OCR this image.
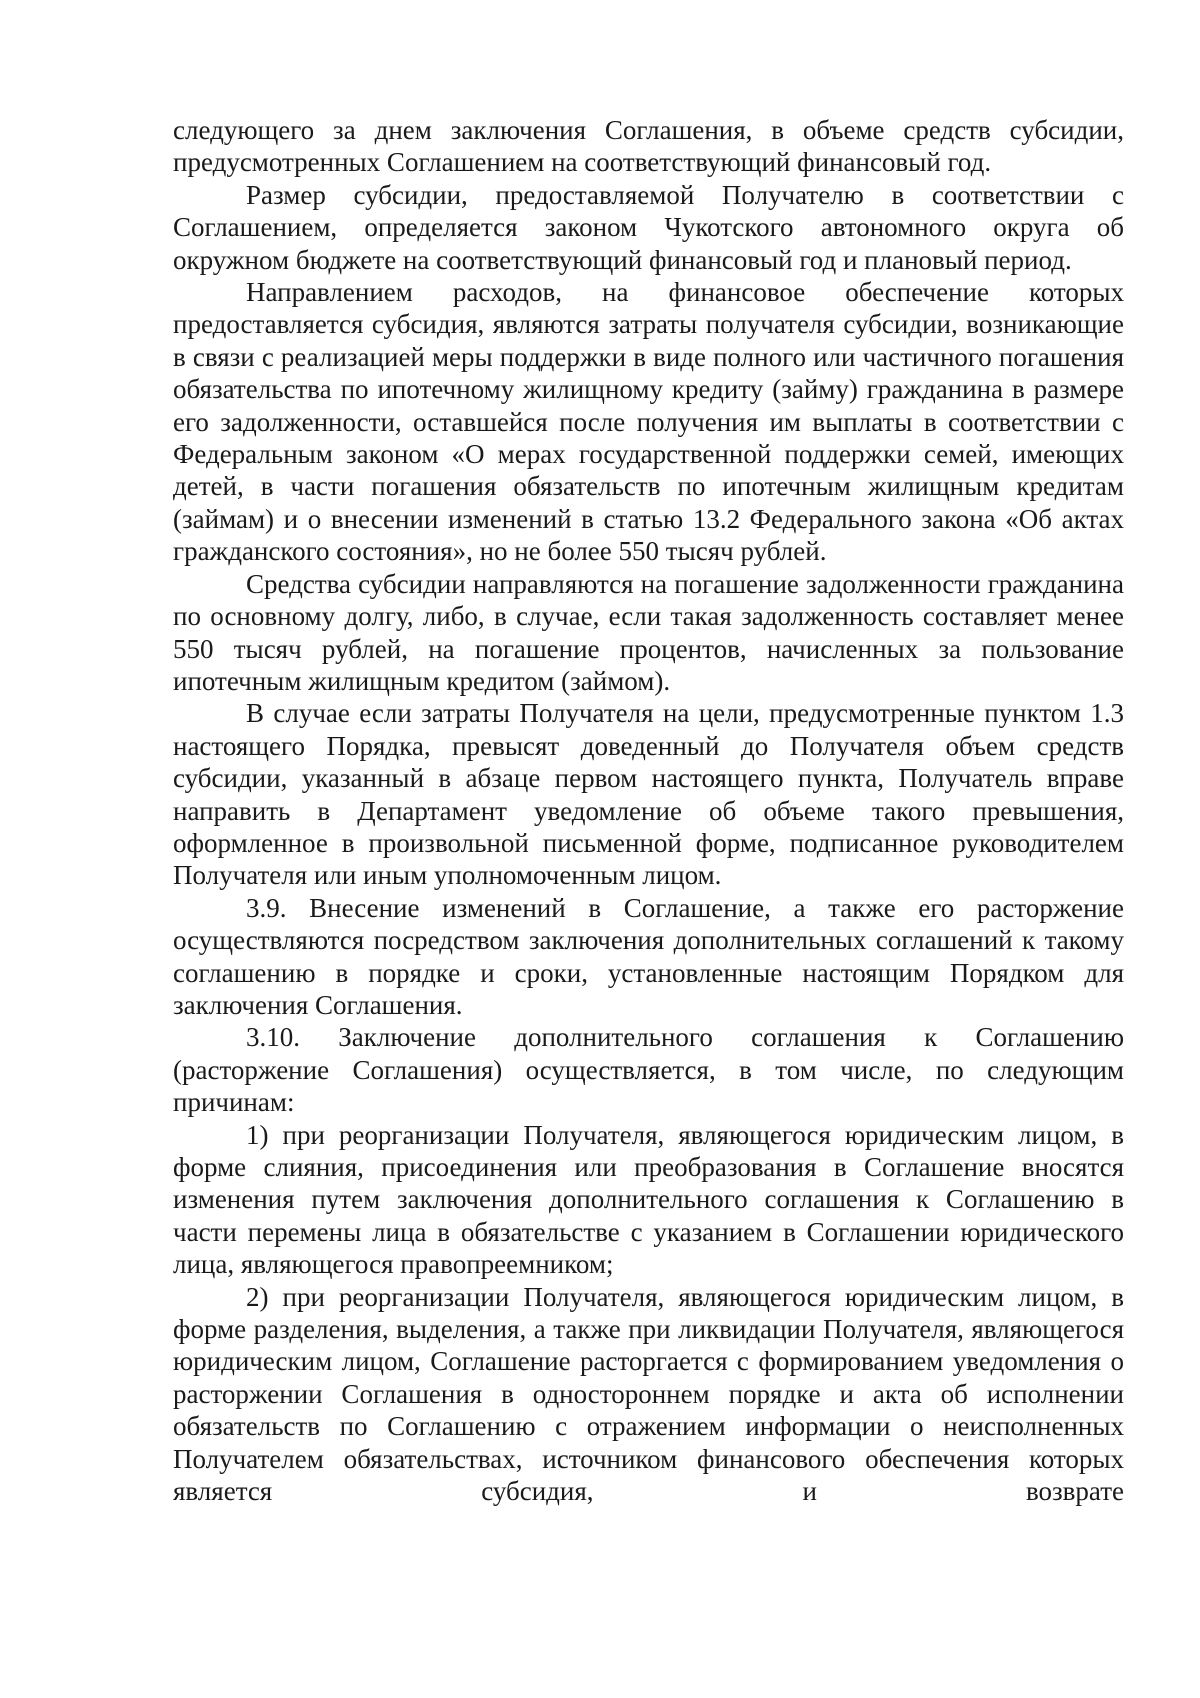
следующего за днем заключения Соглашения, в объеме средств субсидии, предусмотренных Соглашением на соответствующий финансовый год.

Размер субсидии, предоставляемой Получателю в соответствии с Соглашением, определяется законом Чукотского автономного округа об окружном бюджете на соответствующий финансовый год и плановый период.

Направлением расходов, на финансовое обеспечение которых предоставляется субсидия, являются затраты получателя субсидии, возникающие в связи с реализацией меры поддержки в виде полного или частичного погашения обязательства по ипотечному жилищному кредиту (займу) гражданина в размере его задолженности, оставшейся после получения им выплаты в соответствии с Федеральным законом «О мерах государственной поддержки семей, имеющих детей, в части погашения обязательств по ипотечным жилищным кредитам (займам) и о внесении изменений в статью 13.2 Федерального закона «Об актах гражданского состояния», но не более 550 тысяч рублей.

Средства субсидии направляются на погашение задолженности гражданина по основному долгу, либо, в случае, если такая задолженность составляет менее 550 тысяч рублей, на погашение процентов, начисленных за пользование ипотечным жилищным кредитом (займом).

В случае если затраты Получателя на цели, предусмотренные пунктом 1.3 настоящего Порядка, превысят доведенный до Получателя объем средств субсидии, указанный в абзаце первом настоящего пункта, Получатель вправе направить в Департамент уведомление об объеме такого превышения, оформленное в произвольной письменной форме, подписанное руководителем Получателя или иным уполномоченным лицом.

3.9. Внесение изменений в Соглашение, а также его расторжение осуществляются посредством заключения дополнительных соглашений к такому соглашению в порядке и сроки, установленные настоящим Порядком для заключения Соглашения.

3.10. Заключение дополнительного соглашения к Соглашению (расторжение Соглашения) осуществляется, в том числе, по следующим причинам:

1) при реорганизации Получателя, являющегося юридическим лицом, в форме слияния, присоединения или преобразования в Соглашение вносятся изменения путем заключения дополнительного соглашения к Соглашению в части перемены лица в обязательстве с указанием в Соглашении юридического лица, являющегося правопреемником;

2) при реорганизации Получателя, являющегося юридическим лицом, в форме разделения, выделения, а также при ликвидации Получателя, являющегося юридическим лицом, Соглашение расторгается с формированием уведомления о расторжении Соглашения в одностороннем порядке и акта об исполнении обязательств по Соглашению с отражением информации о неисполненных Получателем обязательствах, источником финансового обеспечения которых является субсидия, и возврате
